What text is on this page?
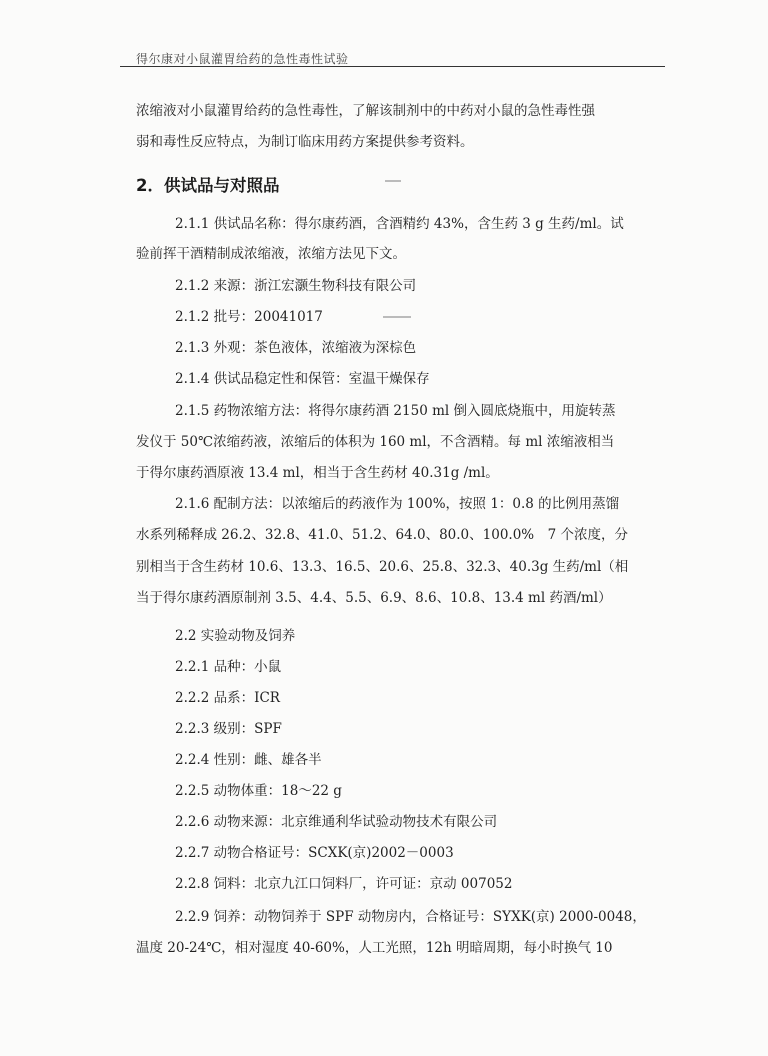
得尔康对小鼠灌胃给药的急性毒性试验
浓缩液对小鼠灌胃给药的急性毒性，了解该制剂中的中药对小鼠的急性毒性强
弱和毒性反应特点，为制订临床用药方案提供参考资料。
2．供试品与对照品
2.1.1 供试品名称：得尔康药酒，含酒精约 43%，含生药 3 g 生药/ml。试
验前挥干酒精制成浓缩液，浓缩方法见下文。
2.1.2 来源：浙江宏灏生物科技有限公司
2.1.2 批号：20041017
2.1.3 外观：茶色液体，浓缩液为深棕色
2.1.4 供试品稳定性和保管：室温干燥保存
2.1.5 药物浓缩方法：将得尔康药酒 2150 ml 倒入圆底烧瓶中，用旋转蒸
发仪于 50℃浓缩药液，浓缩后的体积为 160 ml，不含酒精。每 ml 浓缩液相当
于得尔康药酒原液 13.4 ml，相当于含生药材 40.31g /ml。
2.1.6 配制方法：以浓缩后的药液作为 100%，按照 1：0.8 的比例用蒸馏
水系列稀释成 26.2、32.8、41.0、51.2、64.0、80.0、100.0%　7 个浓度，分
别相当于含生药材 10.6、13.3、16.5、20.6、25.8、32.3、40.3g 生药/ml（相
当于得尔康药酒原制剂 3.5、4.4、5.5、6.9、8.6、10.8、13.4 ml 药酒/ml）
2.2 实验动物及饲养
2.2.1 品种：小鼠
2.2.2 品系：ICR
2.2.3 级别：SPF
2.2.4 性别：雌、雄各半
2.2.5 动物体重：18～22 g
2.2.6 动物来源：北京维通利华试验动物技术有限公司
2.2.7 动物合格证号：SCXK(京)2002－0003
2.2.8 饲料：北京九江口饲料厂，许可证：京动 007052
2.2.9 饲养：动物饲养于 SPF 动物房内，合格证号：SYXK(京) 2000-0048，
温度 20-24℃，相对湿度 40-60%，人工光照，12h 明暗周期，每小时换气 10
